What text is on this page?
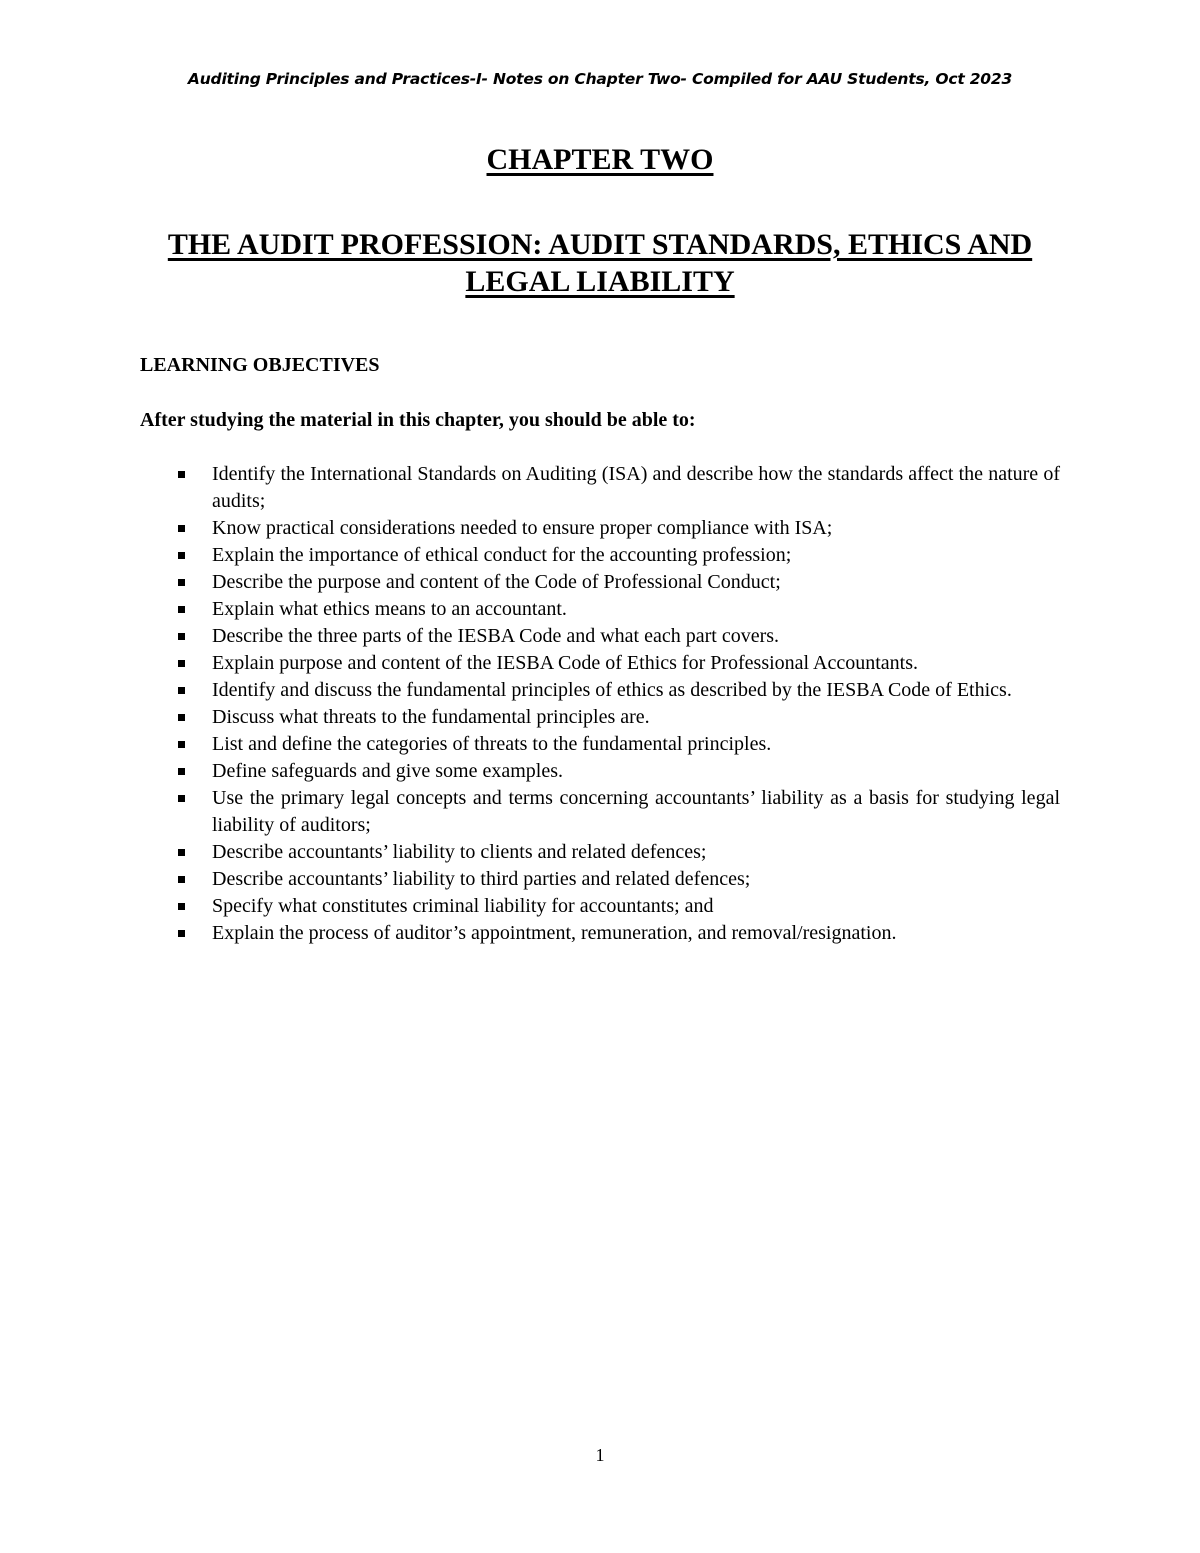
Auditing Principles and Practices-I- Notes on Chapter Two- Compiled for AAU Students, Oct 2023
CHAPTER TWO
THE AUDIT PROFESSION: AUDIT STANDARDS, ETHICS AND LEGAL LIABILITY
LEARNING OBJECTIVES

After studying the material in this chapter, you should be able to:

Identify the International Standards on Auditing (ISA) and describe how the standards affect the nature of audits;
Know practical considerations needed to ensure proper compliance with ISA;
Explain the importance of ethical conduct for the accounting profession;
Describe the purpose and content of the Code of Professional Conduct;
Explain what ethics means to an accountant.
Describe the three parts of the IESBA Code and what each part covers.
Explain purpose and content of the IESBA Code of Ethics for Professional Accountants.
Identify and discuss the fundamental principles of ethics as described by the IESBA Code of Ethics.
Discuss what threats to the fundamental principles are.
List and define the categories of threats to the fundamental principles.
Define safeguards and give some examples.
Use the primary legal concepts and terms concerning accountants’ liability as a basis for studying legal liability of auditors;
Describe accountants’ liability to clients and related defences;
Describe accountants’ liability to third parties and related defences;
Specify what constitutes criminal liability for accountants; and
Explain the process of auditor’s appointment, remuneration, and removal/resignation.
1
